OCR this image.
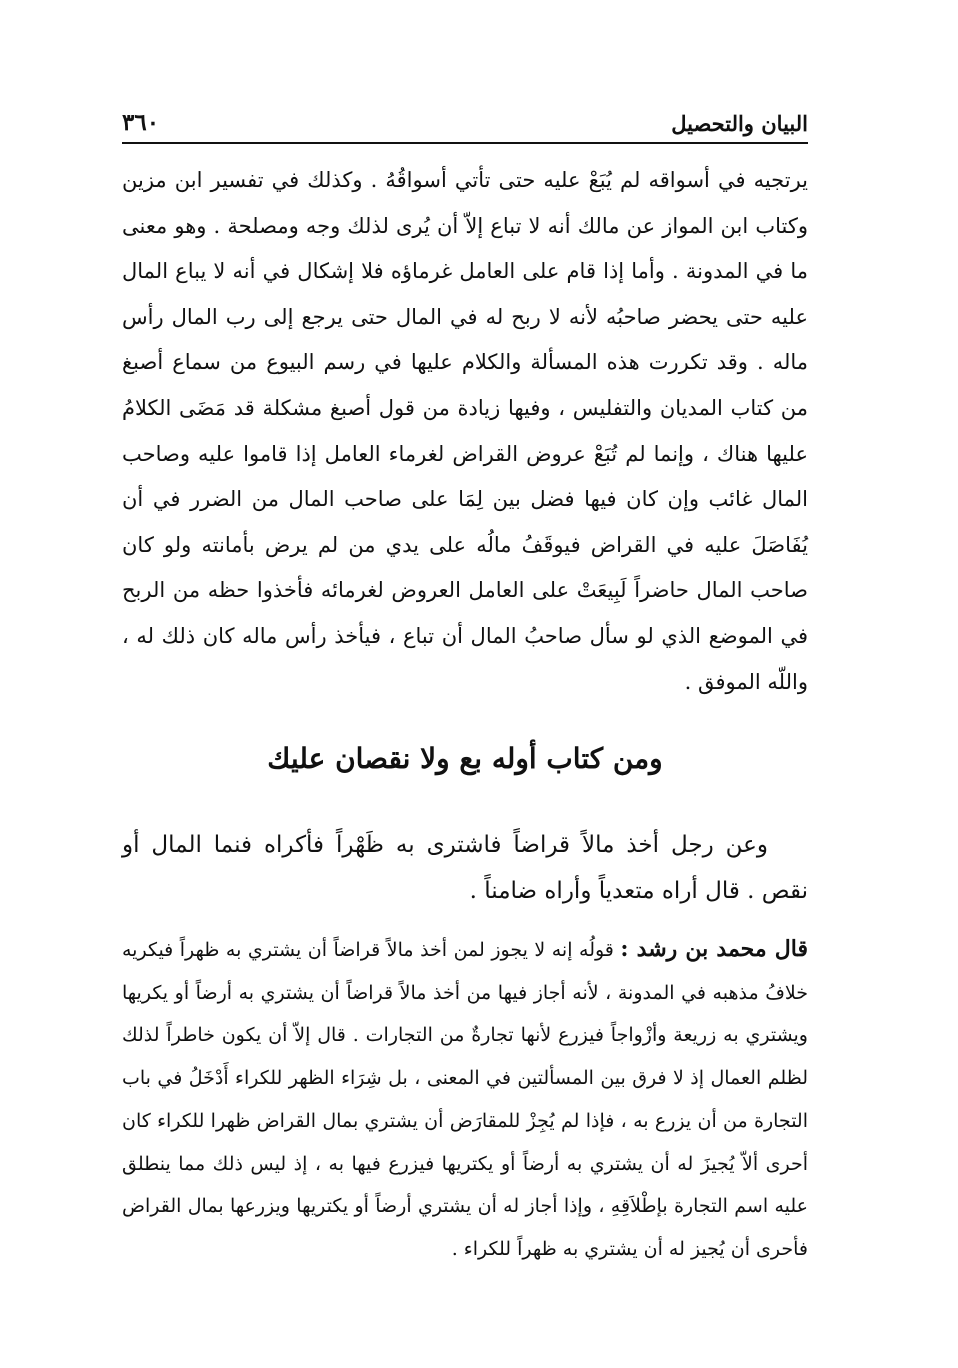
٣٦٠	البيان والتحصيل
يرتجيه في أسواقه لم يُبَعْ عليه حتى تأتي أسواقُهُ . وكذلك في تفسير ابن مزين وكتاب ابن المواز عن مالك أنه لا تباع إلاّ أن يُرى لذلك وجه ومصلحة . وهو معنى ما في المدونة . وأما إذا قام على العامل غرماؤه فلا إشكال في أنه لا يباع المال عليه حتى يحضر صاحبُه لأنه لا ربح له في المال حتى يرجع إلى رب المال رأس ماله . وقد تكررت هذه المسألة والكلام عليها في رسم البيوع من سماع أصبغ من كتاب المديان والتفليس ، وفيها زيادة من قول أصبغ مشكلة قد مَضَى الكلامُ عليها هناك ، وإنما لم تُبَعْ عروض القراض لغرماء العامل إذا قاموا عليه وصاحب المال غائب وإن كان فيها فضل بين لِمَا على صاحب المال من الضرر في أن يُفَاصَلَ عليه في القراض فيوقَفُ مالُه على يدي من لم يرض بأمانته ولو كان صاحب المال حاضراً لَبِيعَتْ على العامل العروض لغرمائه فأخذوا حظه من الربح في الموضع الذي لو سأل صاحبُ المال أن تباع ، فيأخذ رأس ماله كان ذلك له ، واللّه الموفق .
ومن كتاب أوله بع ولا نقصان عليك
وعن رجل أخذ مالاً قراضاً فاشترى به ظَهْراً فأكراه فنما المال أو نقص . قال أراه متعدياً وأراه ضامناً .
قال محمد بن رشد : قولُه إنه لا يجوز لمن أخذ مالاً قراضاً أن يشتري به ظهراً فيكريه خلافُ مذهبه في المدونة ، لأنه أجاز فيها من أخذ مالاً قراضاً أن يشتري به أرضاً أو يكريها ويشتري به زريعة وأزْواجاً فيزرع لأنها تجارةٌ من التجارات . قال إلاّ أن يكون خاطراً لذلك لظلم العمال إذ لا فرق بين المسألتين في المعنى ، بل شِرَاء الظهر للكراء أَدْخَلُ في باب التجارة من أن يزرع به ، فإذا لم يُجِزْ للمقارَض أن يشتري بمال القراض ظهرا للكراء كان أحرى ألاّ يُجيزَ له أن يشتري به أرضاً أو يكتريها فيزرع فيها به ، إذ ليس ذلك مما ينطلق عليه اسم التجارة بإطْلاَقِهِ ، وإذا أجاز له أن يشتري أرضاً أو يكتريها ويزرعها بمال القراض فأحرى أن يُجيز له أن يشتري به ظهراً للكراء .
